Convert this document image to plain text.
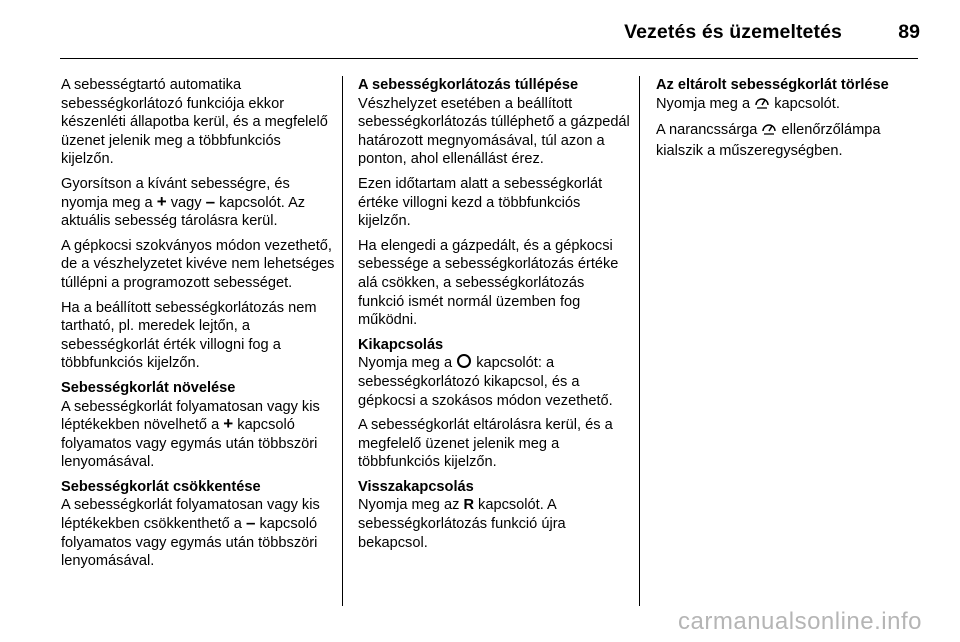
Vezetés és üzemeltetés	89

A sebességtartó automatika sebességkorlátozó funkciója ekkor készenléti állapotba kerül, és a megfelelő üzenet jelenik meg a többfunkciós kijelzőn.

Gyorsítson a kívánt sebességre, és nyomja meg a + vagy – kapcsolót. Az aktuális sebesség tárolásra kerül.

A gépkocsi szokványos módon vezethető, de a vészhelyzetet kivéve nem lehetséges túllépni a programozott sebességet.

Ha a beállított sebességkorlátozás nem tartható, pl. meredek lejtőn, a sebességkorlát érték villogni fog a többfunkciós kijelzőn.

Sebességkorlát növelése

A sebességkorlát folyamatosan vagy kis léptékekben növelhető a + kapcsoló folyamatos vagy egymás után többszöri lenyomásával.

Sebességkorlát csökkentése

A sebességkorlát folyamatosan vagy kis léptékekben csökkenthető a – kapcsoló folyamatos vagy egymás után többszöri lenyomásával.

A sebességkorlátozás túllépése

Vészhelyzet esetében a beállított sebességkorlátozás túlléphető a gázpedál határozott megnyomásával, túl azon a ponton, ahol ellenállást érez.

Ezen időtartam alatt a sebességkorlát értéke villogni kezd a többfunkciós kijelzőn.

Ha elengedi a gázpedált, és a gépkocsi sebessége a sebességkorlátozás értéke alá csökken, a sebességkorlátozás funkció ismét normál üzemben fog működni.

Kikapcsolás

Nyomja meg a  kapcsolót: a sebességkorlátozó kikapcsol, és a gépkocsi a szokásos módon vezethető.

A sebességkorlát eltárolásra kerül, és a megfelelő üzenet jelenik meg a többfunkciós kijelzőn.

Visszakapcsolás

Nyomja meg az R kapcsolót. A sebességkorlátozás funkció újra bekapcsol.

Az eltárolt sebességkorlát törlése

Nyomja meg a  kapcsolót.

A narancssárga  ellenőrzőlámpa kialszik a műszeregységben.

carmanualsonline.info
